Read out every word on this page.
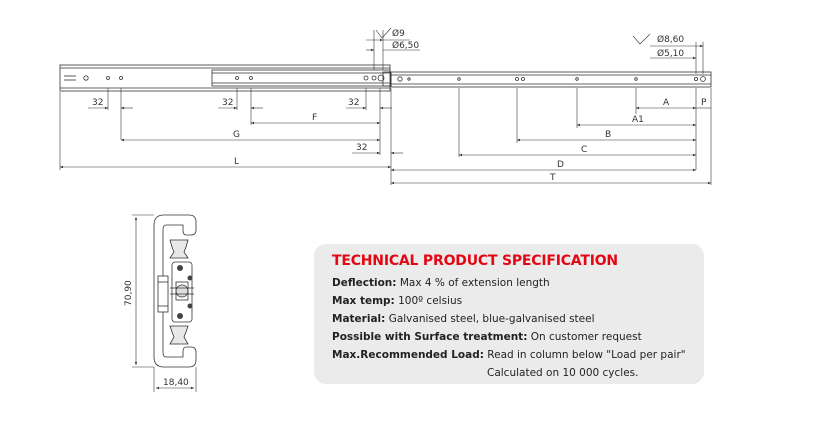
Ø9
Ø6,50
Ø8,60
Ø5,10
32	32	32
32
F
G
L
A	P
A1
B
C
D
T
70,90
18,40
TECHNICAL PRODUCT SPECIFICATION
Deflection: Max 4 % of extension length
Max temp: 100º celsius
Material: Galvanised steel, blue-galvanised steel
Possible with Surface treatment: On customer request
Max.Recommended Load: Read in column below "Load per pair"
Calculated on 10 000 cycles.
